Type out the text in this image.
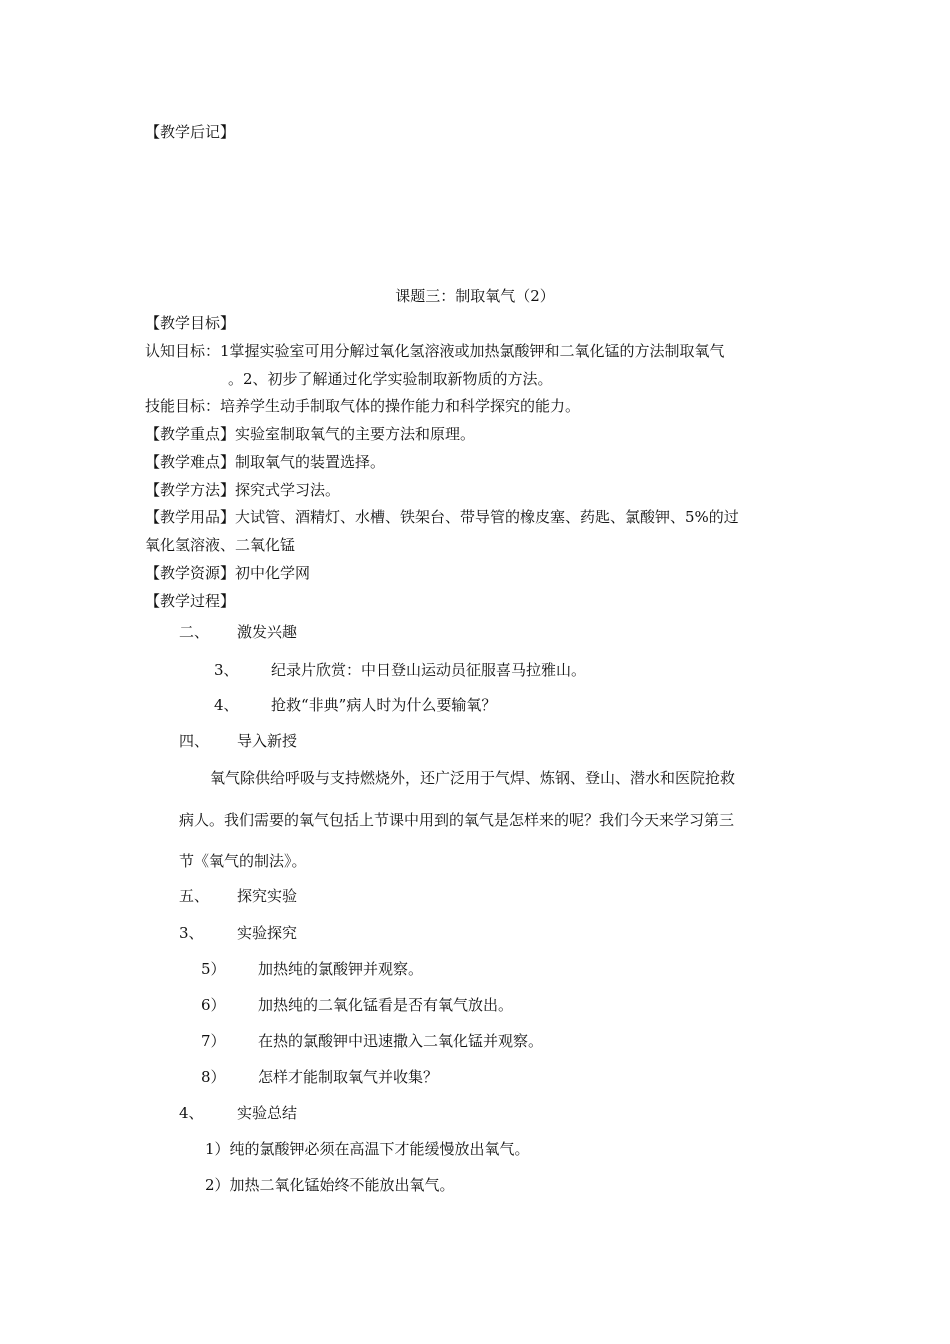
【教学后记】
课题三：制取氧气（2）
【教学目标】
认知目标：1掌握实验室可用分解过氧化氢溶液或加热氯酸钾和二氧化锰的方法制取氧气
。2、初步了解通过化学实验制取新物质的方法。
技能目标：培养学生动手制取气体的操作能力和科学探究的能力。
【教学重点】实验室制取氧气的主要方法和原理。
【教学难点】制取氧气的装置选择。
【教学方法】探究式学习法。
【教学用品】大试管、酒精灯、水槽、铁架台、带导管的橡皮塞、药匙、氯酸钾、5%的过
氧化氢溶液、二氧化锰
【教学资源】初中化学网
【教学过程】
二、 激发兴趣
3、 纪录片欣赏：中日登山运动员征服喜马拉雅山。
4、 抢救“非典”病人时为什么要输氧？
四、 导入新授
氧气除供给呼吸与支持燃烧外，还广泛用于气焊、炼钢、登山、潜水和医院抢救
病人。我们需要的氧气包括上节课中用到的氧气是怎样来的呢？我们今天来学习第三
节《氧气的制法》。
五、 探究实验
3、 实验探究
5） 加热纯的氯酸钾并观察。
6） 加热纯的二氧化锰看是否有氧气放出。
7） 在热的氯酸钾中迅速撒入二氧化锰并观察。
8） 怎样才能制取氧气并收集？
4、 实验总结
1）纯的氯酸钾必须在高温下才能缓慢放出氧气。
2）加热二氧化锰始终不能放出氧气。
